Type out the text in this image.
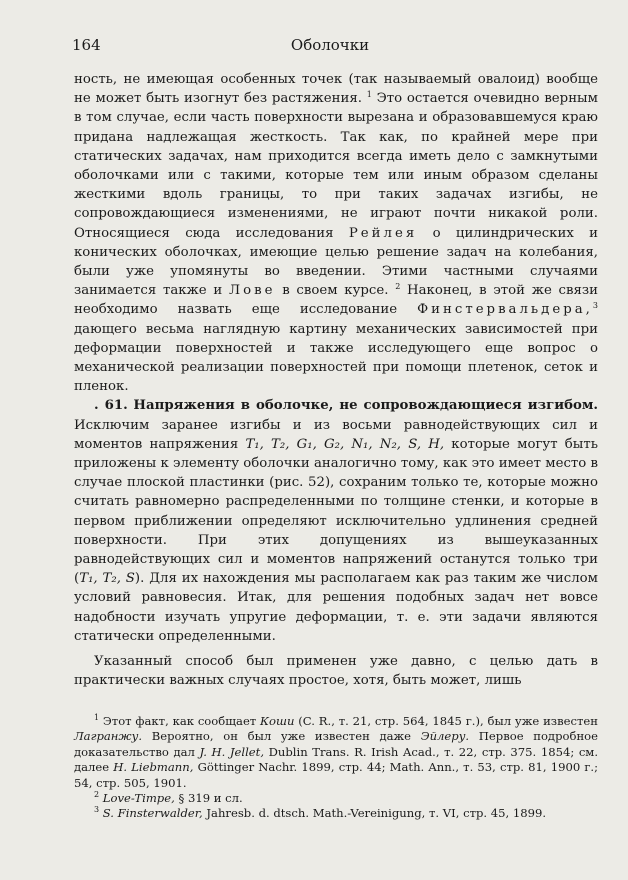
164	Оболочки

ность, не имеющая особенных точек (так называемый овалоид) вообще не может быть изогнут без растяжения. $^1$ Это остается очевидно верным в том случае, если часть поверхности вырезана и образовавшемуся краю придана надлежащая жесткость. Так как, по крайней мере при статических задачах, нам приходится всегда иметь дело с замкнутыми оболочками или с такими, которые тем или иным образом сделаны жесткими вдоль границы, то при таких задачах изгибы, не сопровождающиеся изменениями, не играют почти никакой роли. Относящиеся сюда исследования Рейлея о цилиндрических и конических оболочках, имеющие целью решение задач на колебания, были уже упомянуты во введении. Этими частными случаями занимается также и Лове в своем курсе. $^2$ Наконец, в этой же связи необходимо назвать еще исследование Финстервальдера,$^3$ дающего весьма наглядную картину механических зависимостей при деформации поверхностей и также исследующего еще вопрос о механической реализации поверхностей при помощи плетенок, сеток и пленок.

. 61. Напряжения в оболочке, не сопровождающиеся изгибом. Исключим заранее изгибы и из восьми равнодействующих сил и моментов напряжения T₁, T₂, G₁, G₂, N₁, N₂, S, H, которые могут быть приложены к элементу оболочки аналогично тому, как это имеет место в случае плоской пластинки (рис. 52), сохраним только те, которые можно считать равномерно распределенными по толщине стенки, и которые в первом приближении определяют исключительно удлинения средней поверхности. При этих допущениях из вышеуказанных равнодействующих сил и моментов напряжений останутся только три (T₁, T₂, S). Для их нахождения мы располагаем как раз таким же числом условий равновесия. Итак, для решения подобных задач нет вовсе надобности изучать упругие деформации, т. е. эти задачи являются статически определенными.

Указанный способ был применен уже давно, с целью дать в практически важных случаях простое, хотя, быть может, лишь

$^1$ Этот факт, как сообщает Коши (C. R., т. 21, стр. 564, 1845 г.), был уже известен Лагранжу. Вероятно, он был уже известен даже Эйлеру. Первое подробное доказательство дал J. H. Jellet, Dublin Trans. R. Irish Acad., т. 22, стр. 375. 1854; см. далее H. Liebmann, Göttinger Nachr. 1899, стр. 44; Math. Ann., т. 53, стр. 81, 1900 г.; 54, стр. 505, 1901.

$^2$ Love-Timpe, § 319 и сл.

$^3$ S. Finsterwalder, Jahresb. d. dtsch. Math.-Vereinigung, т. VI, стр. 45, 1899.
